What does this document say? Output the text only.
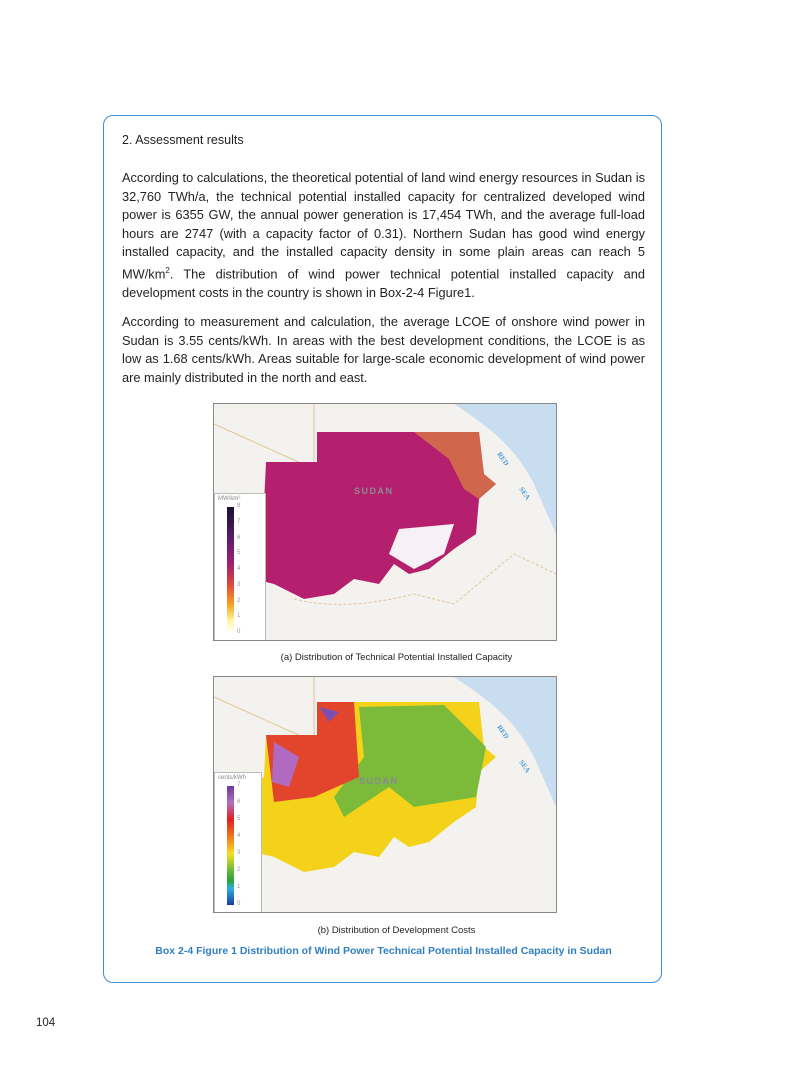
2. Assessment results
According to calculations, the theoretical potential of land wind energy resources in Sudan is 32,760 TWh/a, the technical potential installed capacity for centralized developed wind power is 6355 GW, the annual power generation is 17,454 TWh, and the average full-load hours are 2747 (with a capacity factor of 0.31). Northern Sudan has good wind energy installed capacity, and the installed capacity density in some plain areas can reach 5 $MW/km^2$. The distribution of wind power technical potential installed capacity and development costs in the country is shown in Box-2-4 Figure1.
According to measurement and calculation, the average LCOE of onshore wind power in Sudan is 3.55 cents/kWh. In areas with the best development conditions, the LCOE is as low as 1.68 cents/kWh. Areas suitable for large-scale economic development of wind power are mainly distributed in the north and east.
SUDAN
RED
SEA
MW/km²
8
7
6
5
4
3
2
1
0
(a) Distribution of Technical Potential Installed Capacity
SUDAN
RED
SEA
cents/kWh
7
6
5
4
3
2
1
0
(b) Distribution of Development Costs
Box 2-4 Figure 1 Distribution of Wind Power Technical Potential Installed Capacity in Sudan
104
